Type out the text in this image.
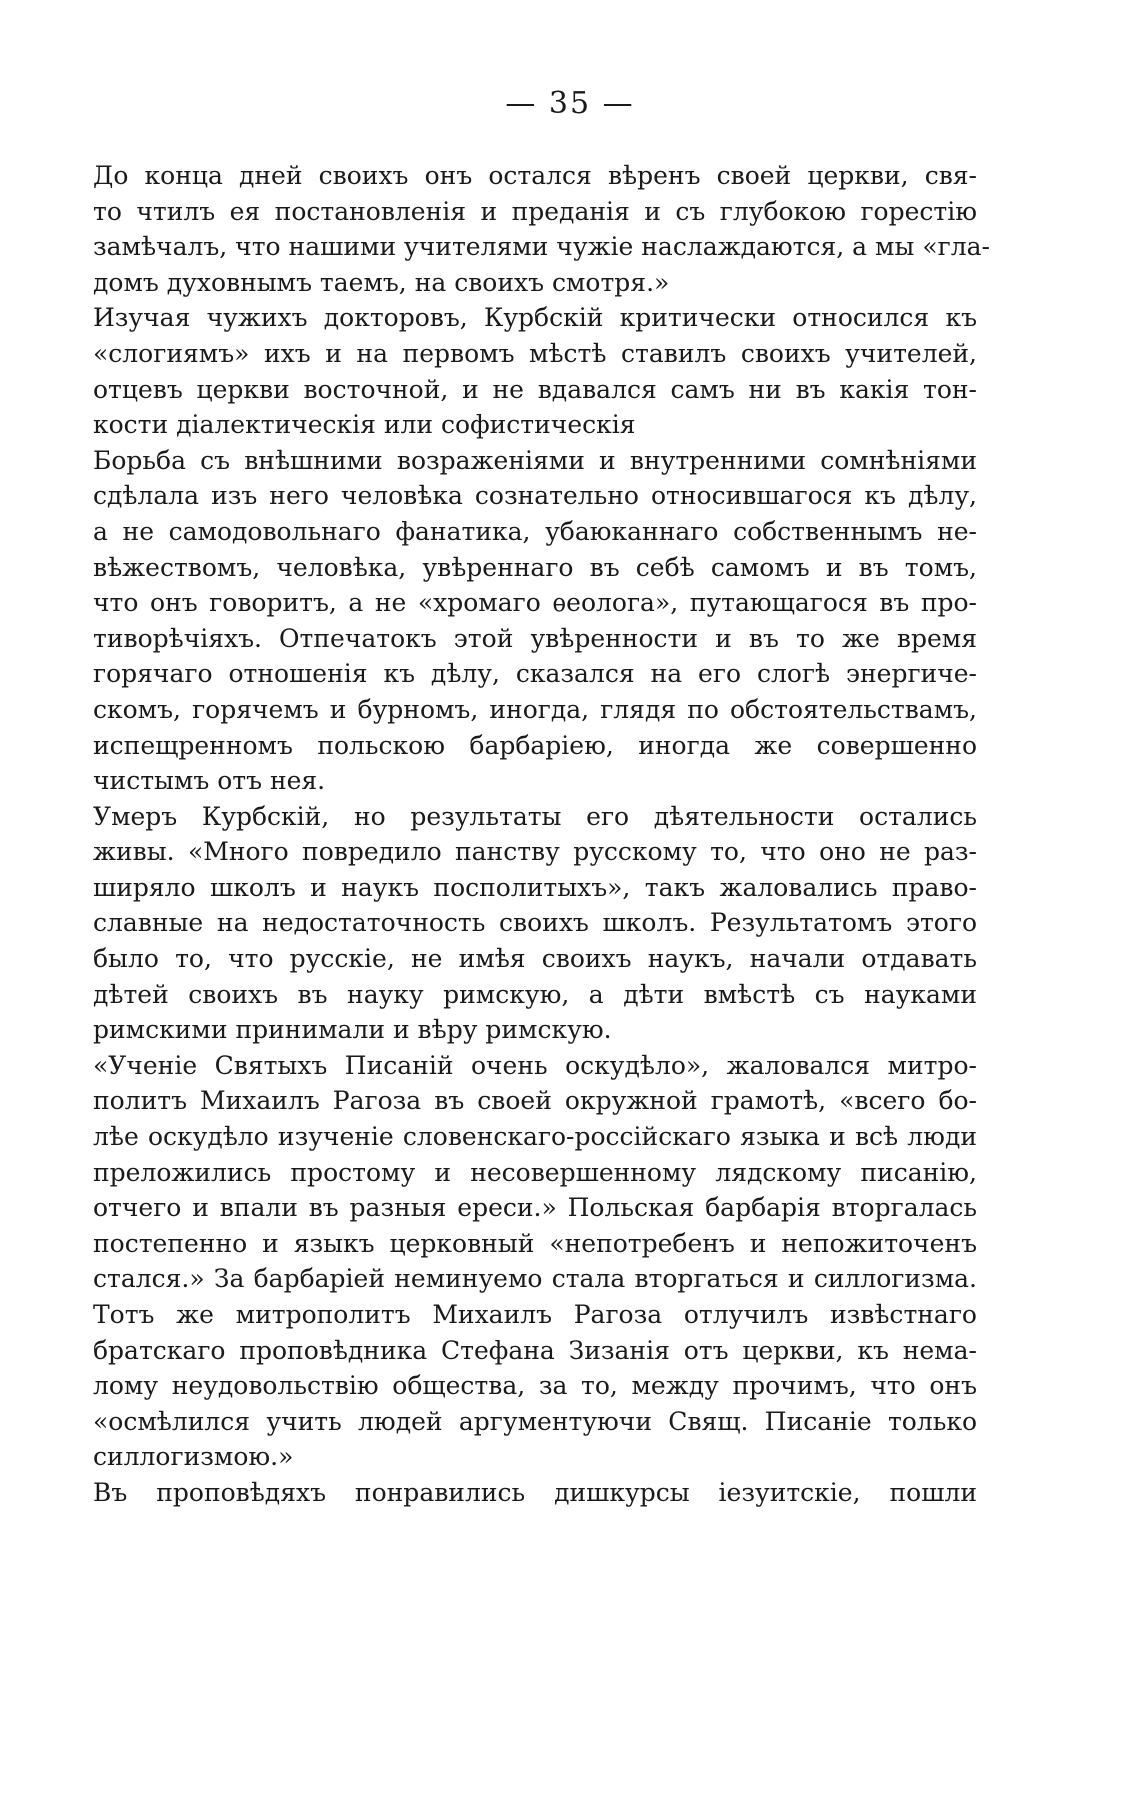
— 35 —
До конца дней своихъ онъ остался вѣренъ своей церкви, свя-
то чтилъ ея постановленія и преданія и съ глубокою горестію
замѣчалъ, что нашими учителями чужіе наслаждаются, а мы «гла-
домъ духовнымъ таемъ, на своихъ смотря.»
Изучая чужихъ докторовъ, Курбскій критически относился къ
«слогиямъ» ихъ и на первомъ мѣстѣ ставилъ своихъ учителей,
отцевъ церкви восточной, и не вдавался самъ ни въ какія тон-
кости діалектическія или софистическія
Борьба съ внѣшними возраженіями и внутренними сомнѣніями
сдѣлала изъ него человѣка сознательно относившагося къ дѣлу,
а не самодовольнаго фанатика, убаюканнаго собственнымъ не-
вѣжествомъ, человѣка, увѣреннаго въ себѣ самомъ и въ томъ,
что онъ говоритъ, а не «хромаго ѳеолога», путающагося въ про-
тиворѣчіяхъ. Отпечатокъ этой увѣренности и въ то же время
горячаго отношенія къ дѣлу, сказался на его слогѣ энергиче-
скомъ, горячемъ и бурномъ, иногда, глядя по обстоятельствамъ,
испещренномъ польскою барбаріею, иногда же совершенно
чистымъ отъ нея.
Умеръ Курбскій, но результаты его дѣятельности остались
живы. «Много повредило панству русскому то, что оно не раз-
ширяло школъ и наукъ посполитыхъ», такъ жаловались право-
славные на недостаточность своихъ школъ. Результатомъ этого
было то, что русскіе, не имѣя своихъ наукъ, начали отдавать
дѣтей своихъ въ науку римскую, а дѣти вмѣстѣ съ науками
римскими принимали и вѣру римскую.
«Ученіе Святыхъ Писаній очень оскудѣло», жаловался митро-
политъ Михаилъ Рагоза въ своей окружной грамотѣ, «всего бо-
лѣе оскудѣло изученіе словенскаго-россійскаго языка и всѣ люди
преложились простому и несовершенному лядскому писанію,
отчего и впали въ разныя ереси.» Польская барбарія вторгалась
постепенно и языкъ церковный «непотребенъ и непожиточенъ
стался.» За барбаріей неминуемо стала вторгаться и силлогизма.
Тотъ же митрополитъ Михаилъ Рагоза отлучилъ извѣстнаго
братскаго проповѣдника Стефана Зизанія отъ церкви, къ нема-
лому неудовольствію общества, за то, между прочимъ, что онъ
«осмѣлился учить людей аргументуючи Свящ. Писаніе только
силлогизмою.»
Въ проповѣдяхъ понравились дишкурсы іезуитскіе, пошли
